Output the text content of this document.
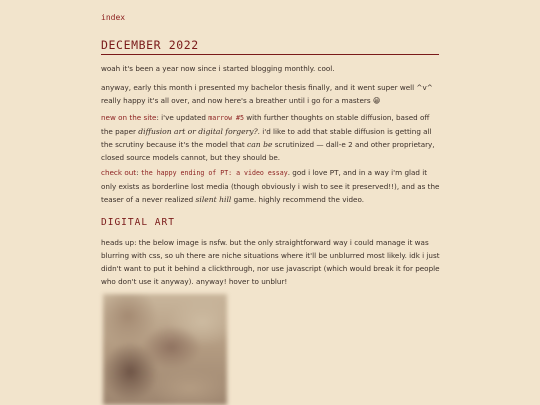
index
DECEMBER 2022

woah it's been a year now since i started blogging monthly. cool.

anyway, early this month i presented my bachelor thesis finally, and it went super well ^v^ really happy it's all over, and now here's a breather until i go for a masters 😁

new on the site: i've updated marrow #5 with further thoughts on stable diffusion, based off the paper diffusion art or digital forgery?. i'd like to add that stable diffusion is getting all the scrutiny because it's the model that can be scrutinized — dall-e 2 and other proprietary, closed source models cannot, but they should be.

check out: the happy ending of PT: a video essay. god i love PT, and in a way i'm glad it only exists as borderline lost media (though obviously i wish to see it preserved!!), and as the teaser of a never realized silent hill game. highly recommend the video.

DIGITAL ART

heads up: the below image is nsfw. but the only straightforward way i could manage it was blurring with css, so uh there are niche situations where it'll be unblurred most likely. idk i just didn't want to put it behind a clickthrough, nor use javascript (which would break it for people who don't use it anyway). anyway! hover to unblur!
